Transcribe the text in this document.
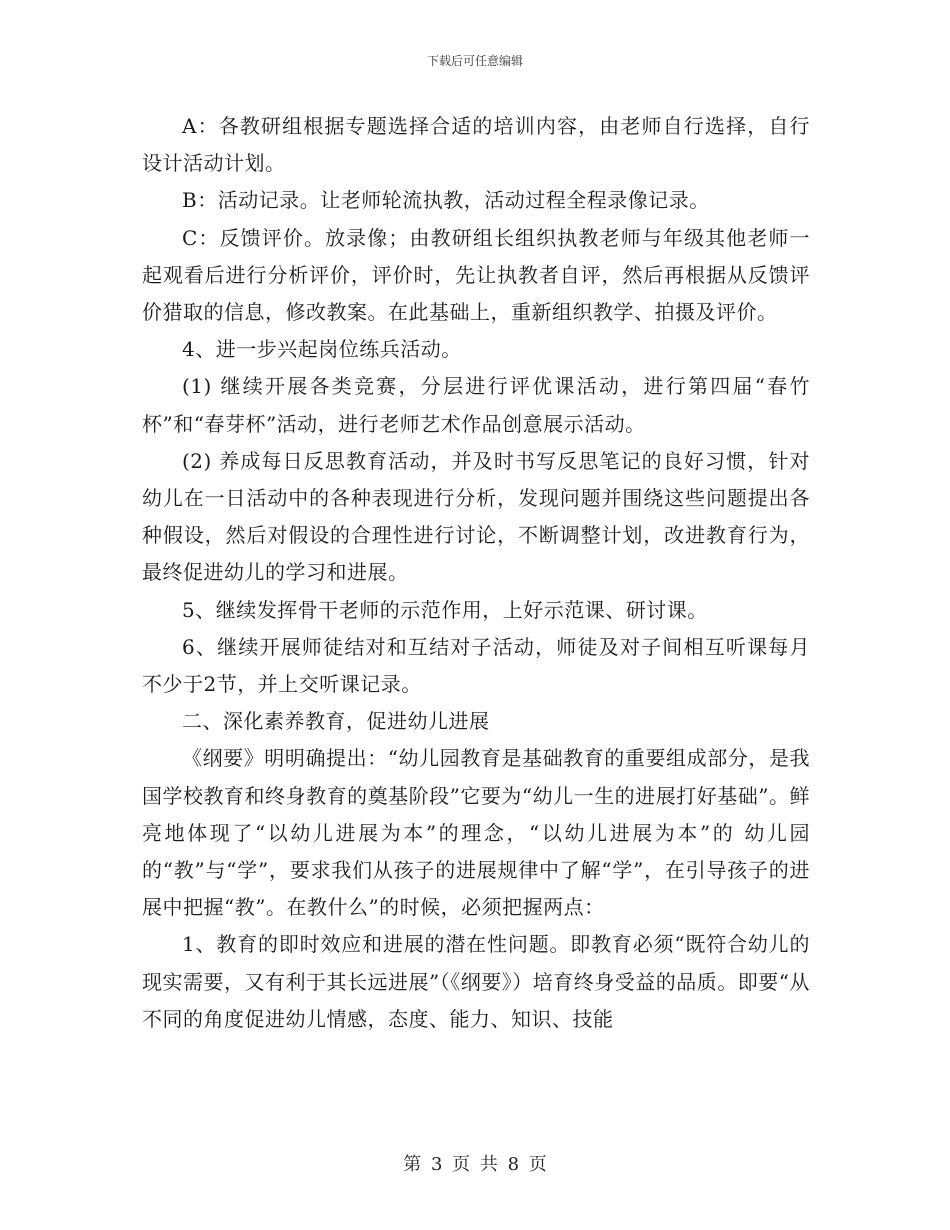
下载后可任意编辑

A：各教研组根据专题选择合适的培训内容，由老师自行选择，自行设计活动计划。

B：活动记录。让老师轮流执教，活动过程全程录像记录。

C：反馈评价。放录像；由教研组长组织执教老师与年级其他老师一起观看后进行分析评价，评价时，先让执教者自评，然后再根据从反馈评价猎取的信息，修改教案。在此基础上，重新组织教学、拍摄及评价。

4、进一步兴起岗位练兵活动。

(1) 继续开展各类竞赛，分层进行评优课活动，进行第四届“春竹杯”和“春芽杯”活动，进行老师艺术作品创意展示活动。

(2) 养成每日反思教育活动，并及时书写反思笔记的良好习惯，针对幼儿在一日活动中的各种表现进行分析，发现问题并围绕这些问题提出各种假设，然后对假设的合理性进行讨论，不断调整计划，改进教育行为，最终促进幼儿的学习和进展。

5、继续发挥骨干老师的示范作用，上好示范课、研讨课。

6、继续开展师徒结对和互结对子活动，师徒及对子间相互听课每月不少于2节，并上交听课记录。

二、深化素养教育，促进幼儿进展

《纲要》明明确提出：“幼儿园教育是基础教育的重要组成部分，是我国学校教育和终身教育的奠基阶段”它要为“幼儿一生的进展打好基础”。鲜亮地体现了“以幼儿进展为本”的理念，“以幼儿进展为本”的 幼儿园的“教”与“学”，要求我们从孩子的进展规律中了解“学”，在引导孩子的进展中把握“教”。在教什么”的时候，必须把握两点：

1、教育的即时效应和进展的潜在性问题。即教育必须“既符合幼儿的现实需要，又有利于其长远进展”（《纲要》）培育终身受益的品质。即要“从不同的角度促进幼儿情感，态度、能力、知识、技能

第 3 页 共 8 页
